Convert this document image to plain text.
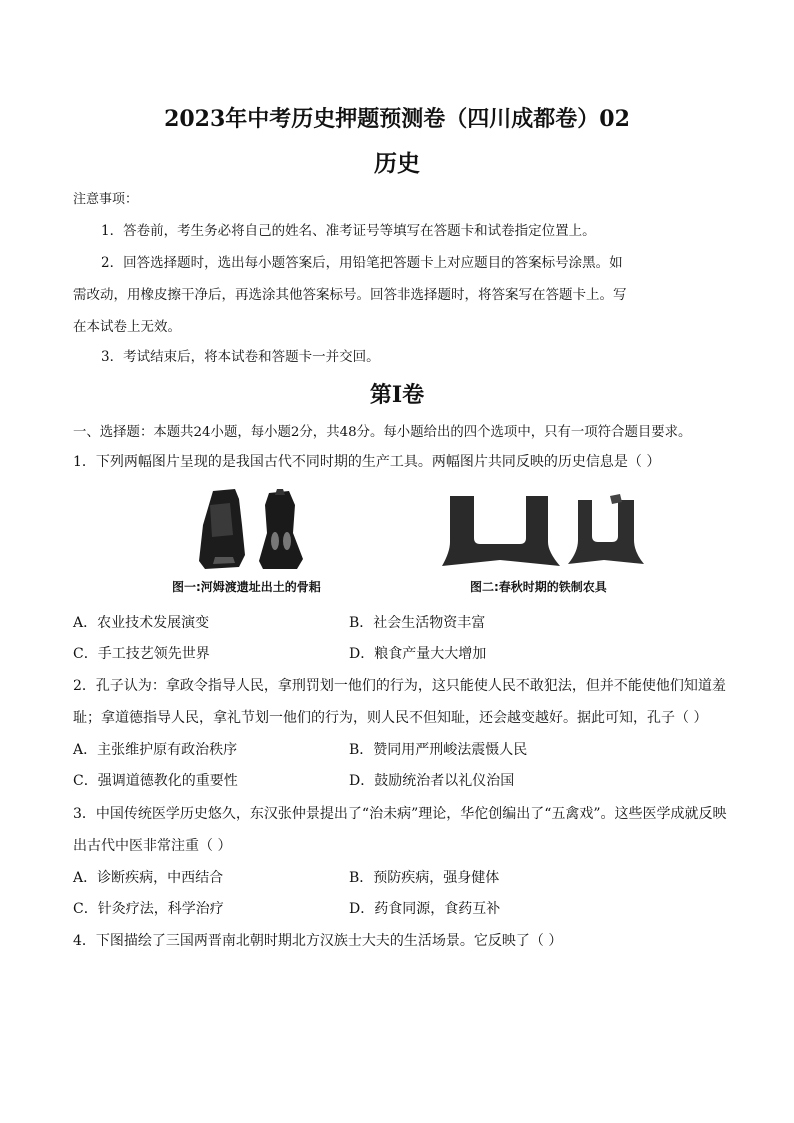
2023年中考历史押题预测卷（四川成都卷）02
历史
注意事项：
1．答卷前，考生务必将自己的姓名、准考证号等填写在答题卡和试卷指定位置上。
2．回答选择题时，选出每小题答案后，用铅笔把答题卡上对应题目的答案标号涂黑。如
需改动，用橡皮擦干净后，再选涂其他答案标号。回答非选择题时，将答案写在答题卡上。写
在本试卷上无效。
3．考试结束后，将本试卷和答题卡一并交回。
第Ⅰ卷
一、选择题：本题共24小题，每小题2分，共48分。每小题给出的四个选项中，只有一项符合题目要求。
1．下列两幅图片呈现的是我国古代不同时期的生产工具。两幅图片共同反映的历史信息是（ ）
图一:河姆渡遗址出土的骨耜	图二:春秋时期的铁制农具
A．农业技术发展演变	B．社会生活物资丰富
C．手工技艺领先世界	D．粮食产量大大增加
2．孔子认为：拿政令指导人民，拿刑罚划一他们的行为，这只能使人民不敢犯法，但并不能使他们知道羞
耻；拿道德指导人民，拿礼节划一他们的行为，则人民不但知耻，还会越变越好。据此可知，孔子（ ）
A．主张维护原有政治秩序	B．赞同用严刑峻法震慑人民
C．强调道德教化的重要性	D．鼓励统治者以礼仪治国
3．中国传统医学历史悠久，东汉张仲景提出了“治未病”理论，华佗创编出了“五禽戏”。这些医学成就反映
出古代中医非常注重（ ）
A．诊断疾病，中西结合	B．预防疾病，强身健体
C．针灸疗法，科学治疗	D．药食同源，食药互补
4．下图描绘了三国两晋南北朝时期北方汉族士大夫的生活场景。它反映了（ ）
